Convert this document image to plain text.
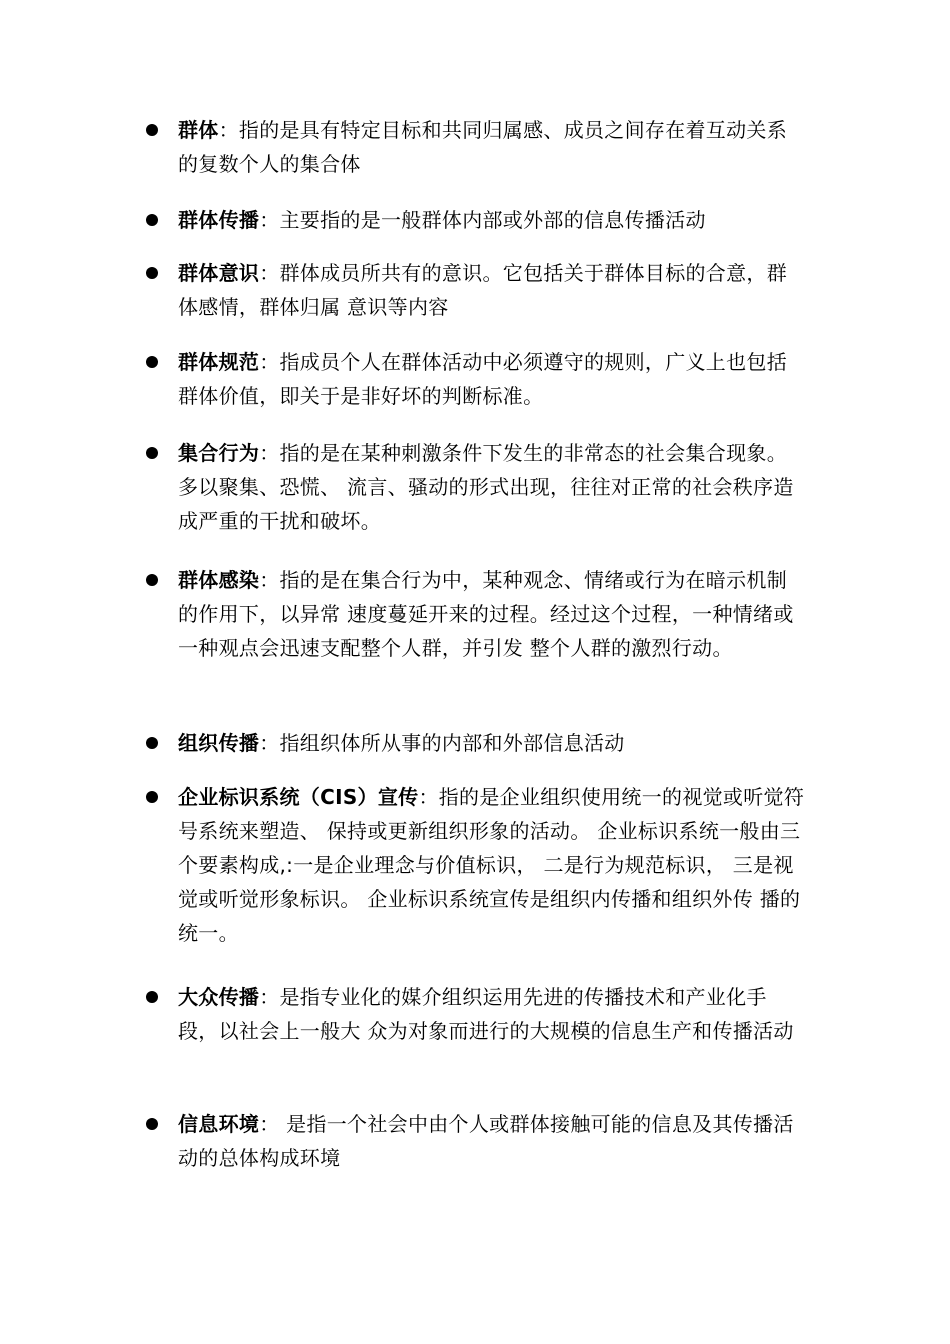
群体：指的是具有特定目标和共同归属感、成员之间存在着互动关系的复数个人的集合体
群体传播：主要指的是一般群体内部或外部的信息传播活动
群体意识：群体成员所共有的意识。它包括关于群体目标的合意，群体感情，群体归属 意识等内容
群体规范：指成员个人在群体活动中必须遵守的规则，广义上也包括群体价值，即关于是非好坏的判断标准。
集合行为：指的是在某种刺激条件下发生的非常态的社会集合现象。多以聚集、恐慌、 流言、骚动的形式出现，往往对正常的社会秩序造成严重的干扰和破坏。
群体感染：指的是在集合行为中，某种观念、情绪或行为在暗示机制的作用下，以异常 速度蔓延开来的过程。经过这个过程，一种情绪或一种观点会迅速支配整个人群，并引发 整个人群的激烈行动。
组织传播：指组织体所从事的内部和外部信息活动
企业标识系统（CIS）宣传：指的是企业组织使用统一的视觉或听觉符号系统来塑造、 保持或更新组织形象的活动。 企业标识系统一般由三个要素构成,:一是企业理念与价值标识， 二是行为规范标识， 三是视觉或听觉形象标识。 企业标识系统宣传是组织内传播和组织外传 播的统一。
大众传播：是指专业化的媒介组织运用先进的传播技术和产业化手段，以社会上一般大 众为对象而进行的大规模的信息生产和传播活动
信息环境： 是指一个社会中由个人或群体接触可能的信息及其传播活动的总体构成环境
